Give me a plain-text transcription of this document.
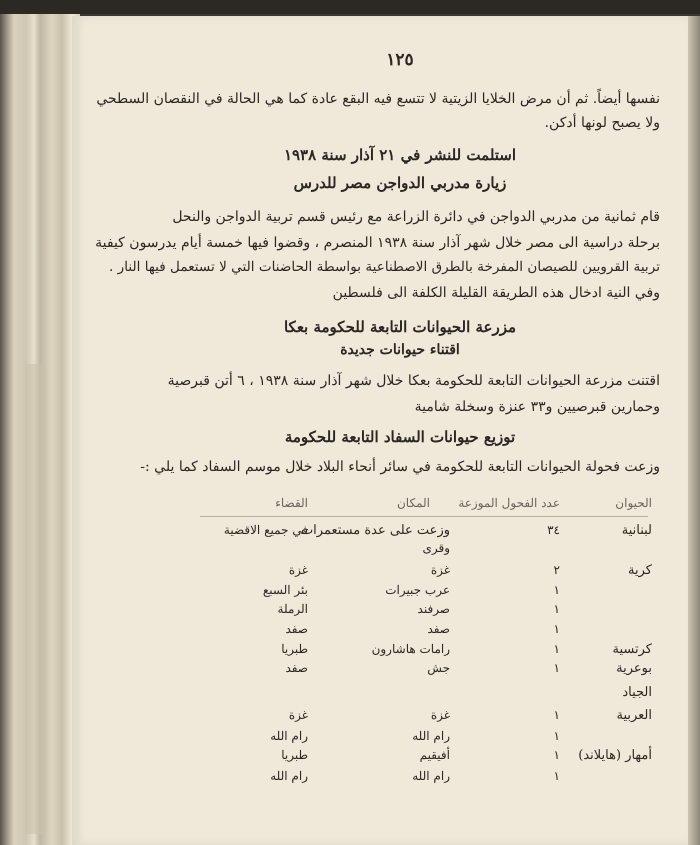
١٢٥
نفسها أيضاً. ثم أن مرض الخلايا الزيتية لا تتسع فيه البقع عادة كما هي الحالة في النقصان السطحي
ولا يصبح لونها أدكن.
استلمت للنشر في ٢١ آذار سنة ١٩٣٨
زيارة مدربي الدواجن مصر للدرس
قام ثمانية من مدربي الدواجن في دائرة الزراعة مع رئيس قسم تربية الدواجن والنحل
برحلة دراسية الى مصر خلال شهر آذار سنة ١٩٣٨ المنصرم ، وقضوا فيها خمسة أيام يدرسون كيفية
تربية القرويين للصيصان المفرخة بالطرق الاصطناعية بواسطة الحاضنات التي لا تستعمل فيها النار .
وفي النية ادخال هذه الطريقة القليلة الكلفة الى فلسطين
مزرعة الحيوانات التابعة للحكومة بعكا
اقتناء حيوانات جديدة
اقتنت مزرعة الحيوانات التابعة للحكومة بعكا خلال شهر آذار سنة ١٩٣٨ ، ٦ أتن قبرصية
وحمارين قبرصيين و٣٣ عنزة وسخلة شامية
توزيع حيوانات السفاد التابعة للحكومة
وزعت فحولة الحيوانات التابعة للحكومة في سائر أنحاء البلاد خلال موسم السفاد كما يلي :-
الحيوان
عدد الفحول الموزعة
المكان
القضاء
لبنانية
٣٤
وزعت على عدة مستعمرات
في جميع الاقضية
وقرى
كرية
٢
غزة
غزة
١
عرب جبيرات
بئر السبع
١
صرفند
الرملة
١
صفد
صفد
كرتسية
١
رامات هاشارون
طبريا
بوعرية
١
جش
صفد
الجياد
العربية
١
غزة
غزة
١
رام الله
رام الله
أمهار (هايلاند)
١
أفيقيم
طبريا
١
رام الله
رام الله
